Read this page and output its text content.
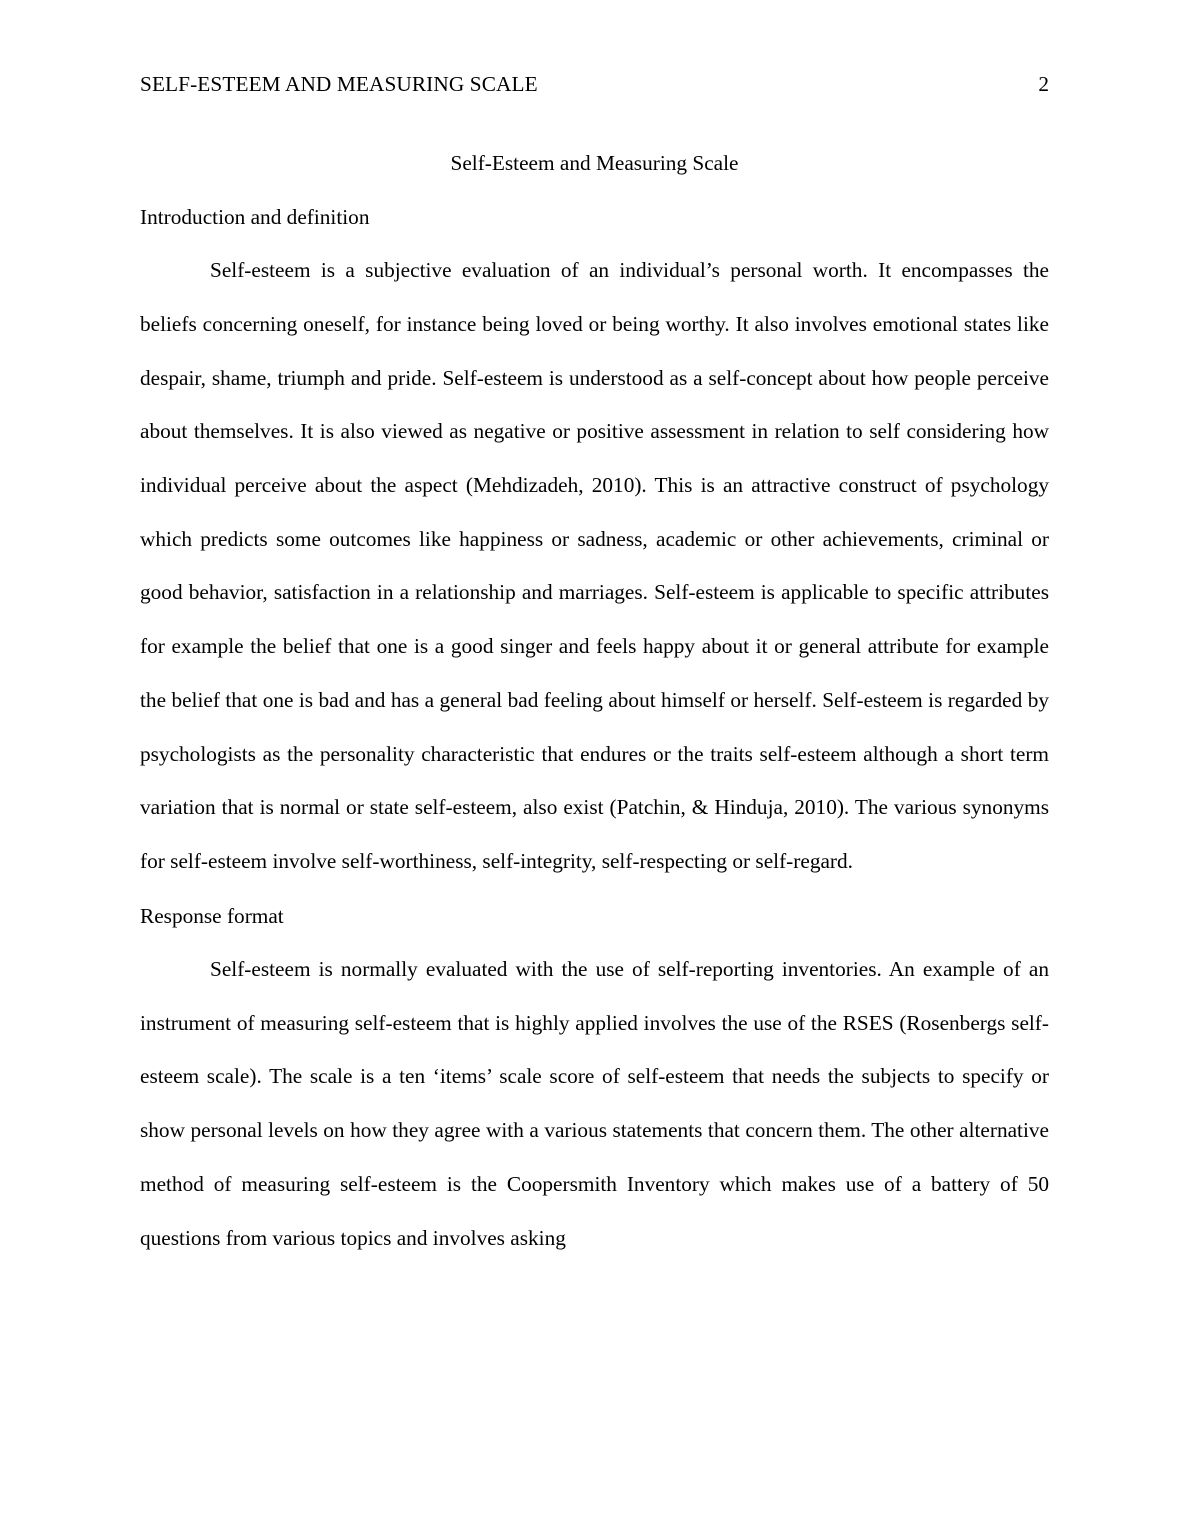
SELF-ESTEEM AND MEASURING SCALE	2
Self-Esteem and Measuring Scale
Introduction and definition

Self-esteem is a subjective evaluation of an individual’s personal worth. It encompasses the beliefs concerning oneself, for instance being loved or being worthy. It also involves emotional states like despair, shame, triumph and pride. Self-esteem is understood as a self-concept about how people perceive about themselves. It is also viewed as negative or positive assessment in relation to self considering how individual perceive about the aspect (Mehdizadeh, 2010). This is an attractive construct of psychology which predicts some outcomes like happiness or sadness, academic or other achievements, criminal or good behavior, satisfaction in a relationship and marriages. Self-esteem is applicable to specific attributes for example the belief that one is a good singer and feels happy about it or general attribute for example the belief that one is bad and has a general bad feeling about himself or herself. Self-esteem is regarded by psychologists as the personality characteristic that endures or the traits self-esteem although a short term variation that is normal or state self-esteem, also exist (Patchin, & Hinduja, 2010). The various synonyms for self-esteem involve self-worthiness, self-integrity, self-respecting or self-regard.

Response format

Self-esteem is normally evaluated with the use of self-reporting inventories. An example of an instrument of measuring self-esteem that is highly applied involves the use of the RSES (Rosenbergs self-esteem scale). The scale is a ten ‘items’ scale score of self-esteem that needs the subjects to specify or show personal levels on how they agree with a various statements that concern them. The other alternative method of measuring self-esteem is the Coopersmith Inventory which makes use of a battery of 50 questions from various topics and involves asking
